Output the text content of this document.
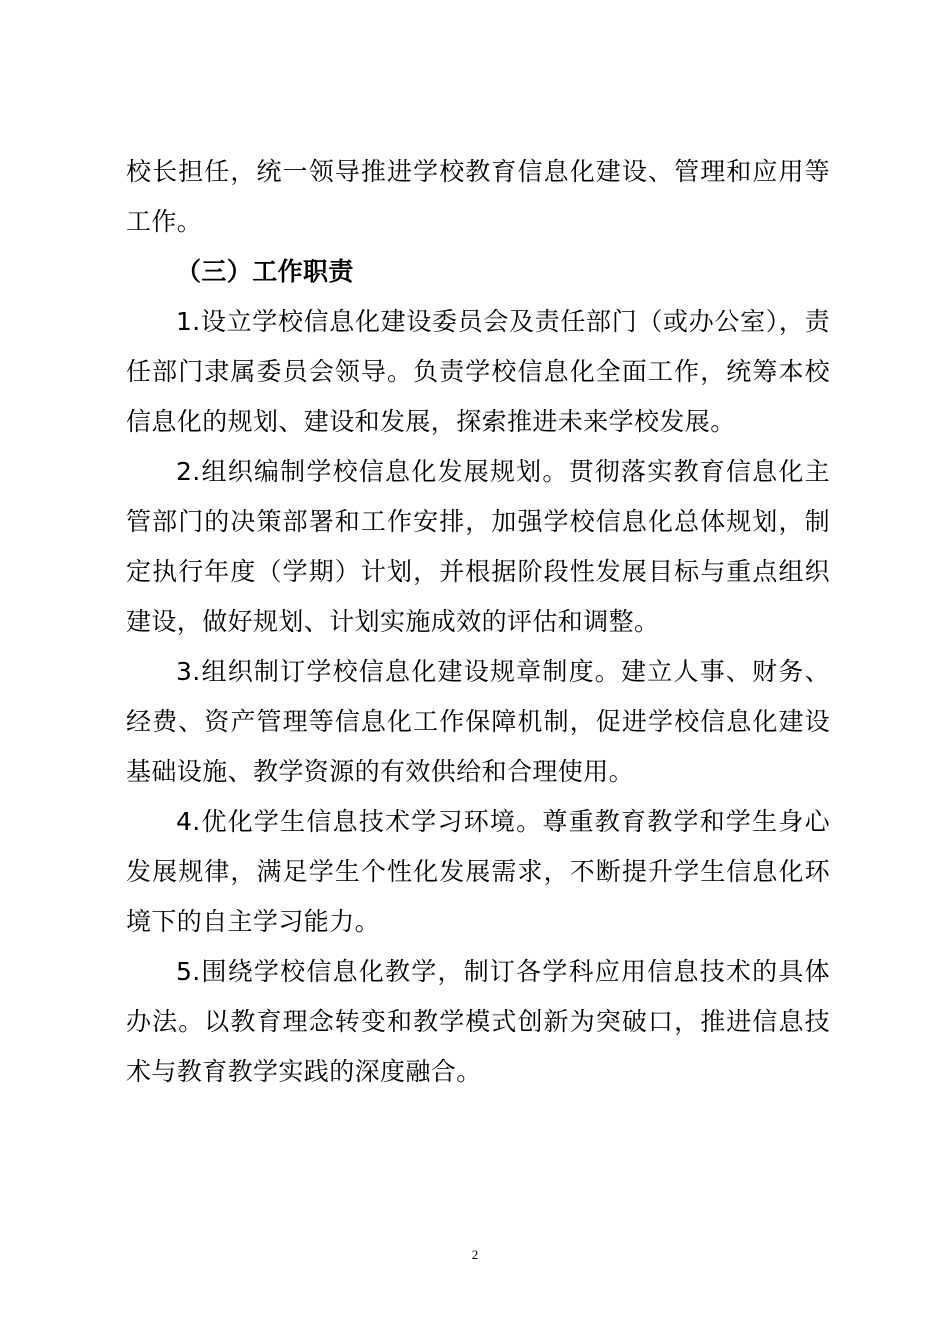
校长担任，统一领导推进学校教育信息化建设、管理和应用等工作。

（三）工作职责

1.设立学校信息化建设委员会及责任部门（或办公室），责任部门隶属委员会领导。负责学校信息化全面工作，统筹本校信息化的规划、建设和发展，探索推进未来学校发展。

2.组织编制学校信息化发展规划。贯彻落实教育信息化主管部门的决策部署和工作安排，加强学校信息化总体规划，制定执行年度（学期）计划，并根据阶段性发展目标与重点组织建设，做好规划、计划实施成效的评估和调整。

3.组织制订学校信息化建设规章制度。建立人事、财务、经费、资产管理等信息化工作保障机制，促进学校信息化建设基础设施、教学资源的有效供给和合理使用。

4.优化学生信息技术学习环境。尊重教育教学和学生身心发展规律，满足学生个性化发展需求，不断提升学生信息化环境下的自主学习能力。

5.围绕学校信息化教学，制订各学科应用信息技术的具体办法。以教育理念转变和教学模式创新为突破口，推进信息技术与教育教学实践的深度融合。

2
